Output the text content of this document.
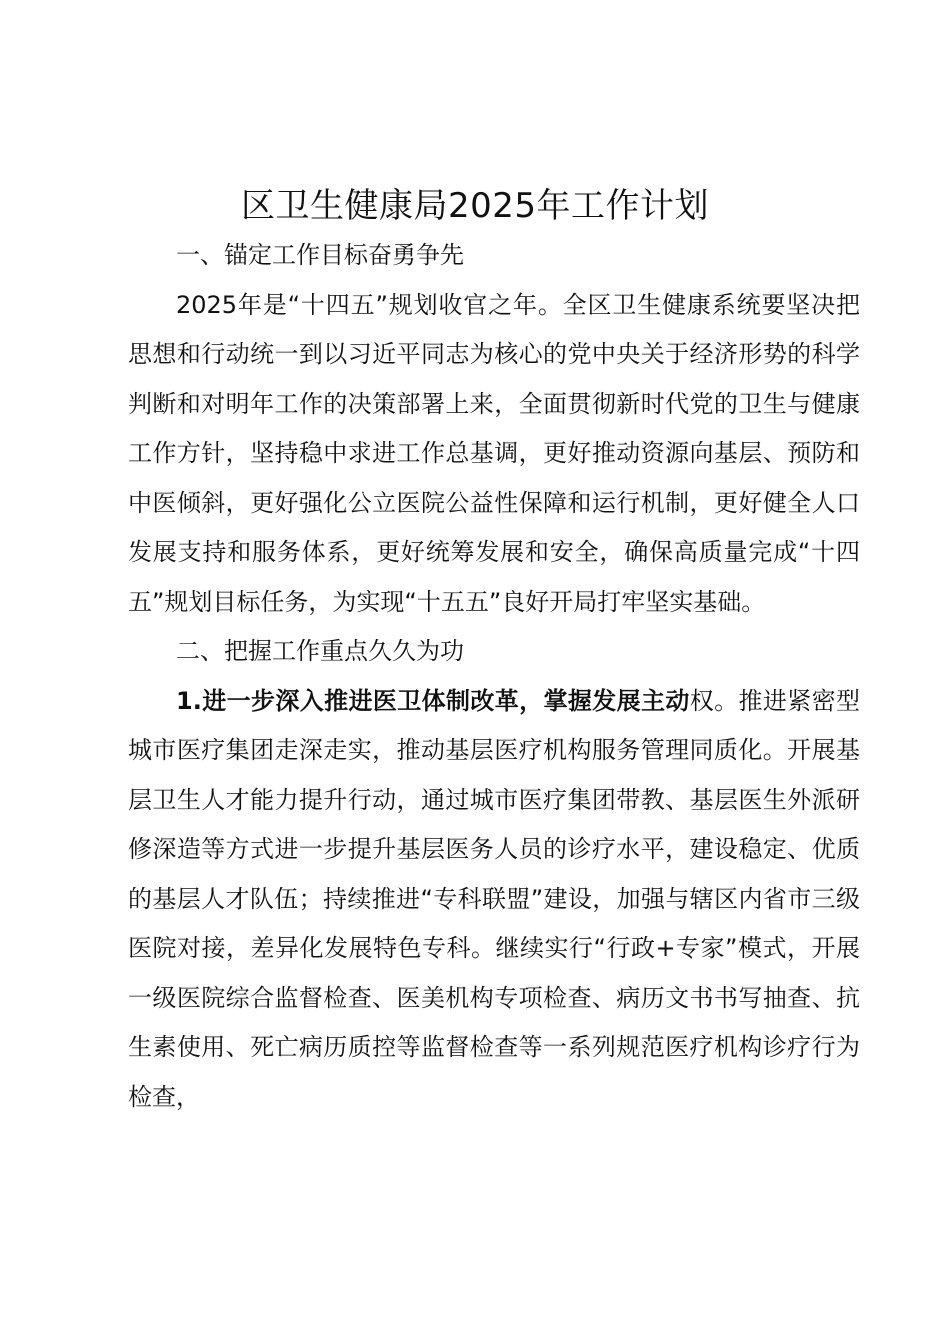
区卫生健康局2025年工作计划

一、锚定工作目标奋勇争先

2025年是“十四五”规划收官之年。全区卫生健康系统要坚决把思想和行动统一到以习近平同志为核心的党中央关于经济形势的科学判断和对明年工作的决策部署上来，全面贯彻新时代党的卫生与健康工作方针，坚持稳中求进工作总基调，更好推动资源向基层、预防和中医倾斜，更好强化公立医院公益性保障和运行机制，更好健全人口发展支持和服务体系，更好统筹发展和安全，确保高质量完成“十四五”规划目标任务，为实现“十五五”良好开局打牢坚实基础。

二、把握工作重点久久为功

1.进一步深入推进医卫体制改革，掌握发展主动权。推进紧密型城市医疗集团走深走实，推动基层医疗机构服务管理同质化。开展基层卫生人才能力提升行动，通过城市医疗集团带教、基层医生外派研修深造等方式进一步提升基层医务人员的诊疗水平，建设稳定、优质的基层人才队伍；持续推进“专科联盟”建设，加强与辖区内省市三级医院对接，差异化发展特色专科。继续实行“行政+专家”模式，开展一级医院综合监督检查、医美机构专项检查、病历文书书写抽查、抗生素使用、死亡病历质控等监督检查等一系列规范医疗机构诊疗行为检查，
